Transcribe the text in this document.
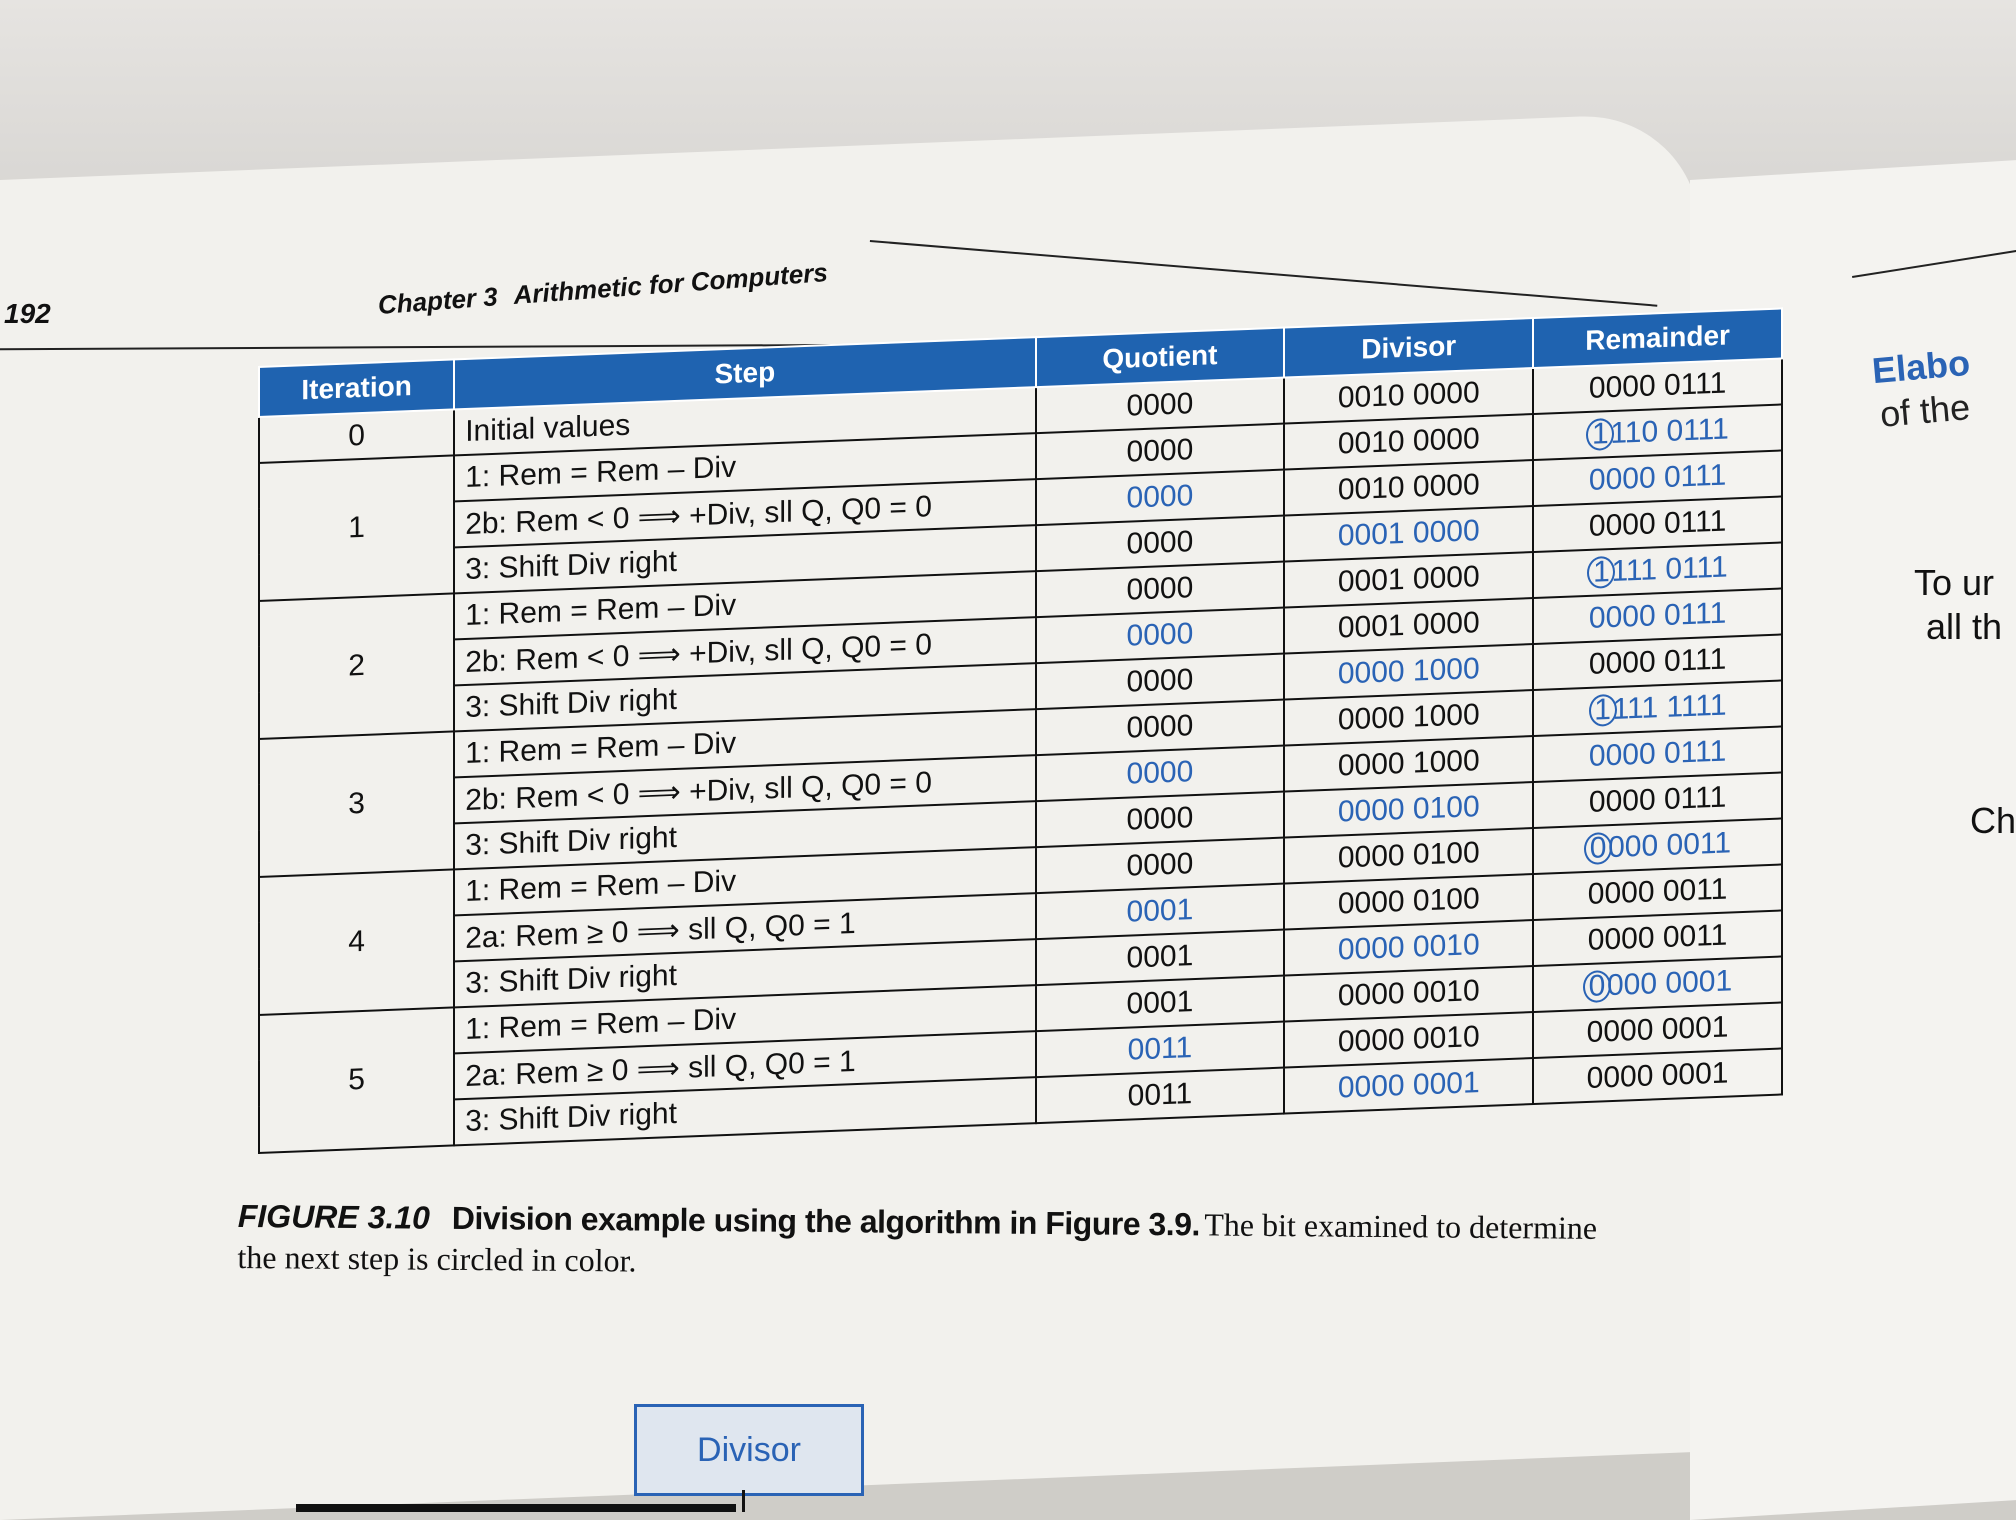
192	Chapter 3 Arithmetic for Computers
Iteration	Step	Quotient	Divisor	Remainder
0	Initial values	0000	0010 0000	0000 0111
1	1: Rem = Rem – Div	0000	0010 0000	1110 0111
	2b: Rem < 0 ⟹ +Div, sll Q, Q0 = 0	0000	0010 0000	0000 0111
	3: Shift Div right	0000	0001 0000	0000 0111
2	1: Rem = Rem – Div	0000	0001 0000	1111 0111
	2b: Rem < 0 ⟹ +Div, sll Q, Q0 = 0	0000	0001 0000	0000 0111
	3: Shift Div right	0000	0000 1000	0000 0111
3	1: Rem = Rem – Div	0000	0000 1000	1111 1111
	2b: Rem < 0 ⟹ +Div, sll Q, Q0 = 0	0000	0000 1000	0000 0111
	3: Shift Div right	0000	0000 0100	0000 0111
4	1: Rem = Rem – Div	0000	0000 0100	0000 0011
	2a: Rem ≥ 0 ⟹ sll Q, Q0 = 1	0001	0000 0100	0000 0011
	3: Shift Div right	0001	0000 0010	0000 0011
5	1: Rem = Rem – Div	0001	0000 0010	0000 0001
	2a: Rem ≥ 0 ⟹ sll Q, Q0 = 1	0011	0000 0010	0000 0001
	3: Shift Div right	0011	0000 0001	0000 0001
FIGURE 3.10 Division example using the algorithm in Figure 3.9. The bit examined to determine
the next step is circled in color.
Divisor
Elabo
of the
To ur
all th
Ch
